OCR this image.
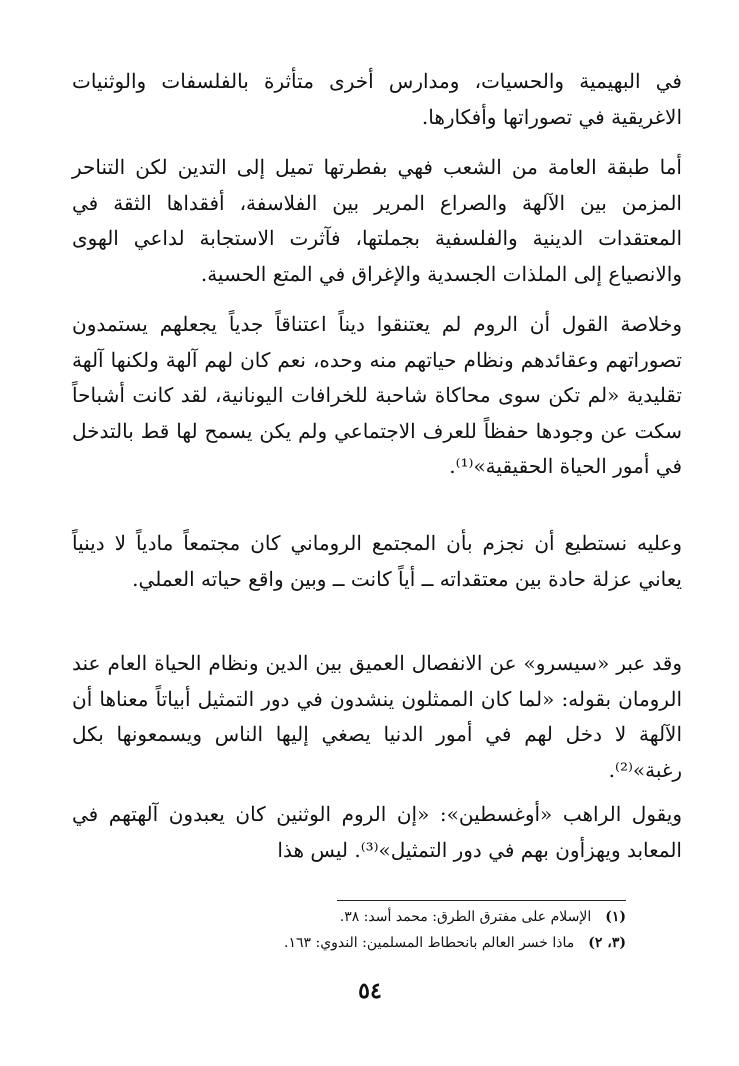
في البهيمية والحسيات، ومدارس أخرى متأثرة بالفلسفات والوثنيات الاغريقية في تصوراتها وأفكارها.

أما طبقة العامة من الشعب فهي بفطرتها تميل إلى التدين لكن التناحر المزمن بين الآلهة والصراع المرير بين الفلاسفة، أفقداها الثقة في المعتقدات الدينية والفلسفية بجملتها، فآثرت الاستجابة لداعي الهوى والانصياع إلى الملذات الجسدية والإغراق في المتع الحسية.

وخلاصة القول أن الروم لم يعتنقوا ديناً اعتناقاً جدياً يجعلهم يستمدون تصوراتهم وعقائدهم ونظام حياتهم منه وحده، نعم كان لهم آلهة ولكنها آلهة تقليدية «لم تكن سوى محاكاة شاحبة للخرافات اليونانية، لقد كانت أشباحاً سكت عن وجودها حفظاً للعرف الاجتماعي ولم يكن يسمح لها قط بالتدخل في أمور الحياة الحقيقية»⁽¹⁾.

وعليه نستطيع أن نجزم بأن المجتمع الروماني كان مجتمعاً مادياً لا دينياً يعاني عزلة حادة بين معتقداته ــ أياً كانت ــ وبين واقع حياته العملي.

وقد عبر «سيسرو» عن الانفصال العميق بين الدين ونظام الحياة العام عند الرومان بقوله: «لما كان الممثلون ينشدون في دور التمثيل أبياتاً معناها أن الآلهة لا دخل لهم في أمور الدنيا يصغي إليها الناس ويسمعونها بكل رغبة»⁽²⁾.

ويقول الراهب «أوغسطين»: «إن الروم الوثنين كان يعبدون آلهتهم في المعابد ويهزأون بهم في دور التمثيل»⁽³⁾. ليس هذا

(١)الإسلام على مفترق الطرق: محمد أسد: ٣٨.
(٣، ٢)ماذا خسر العالم بانحطاط المسلمين: الندوي: ١٦٣.
٥٤
